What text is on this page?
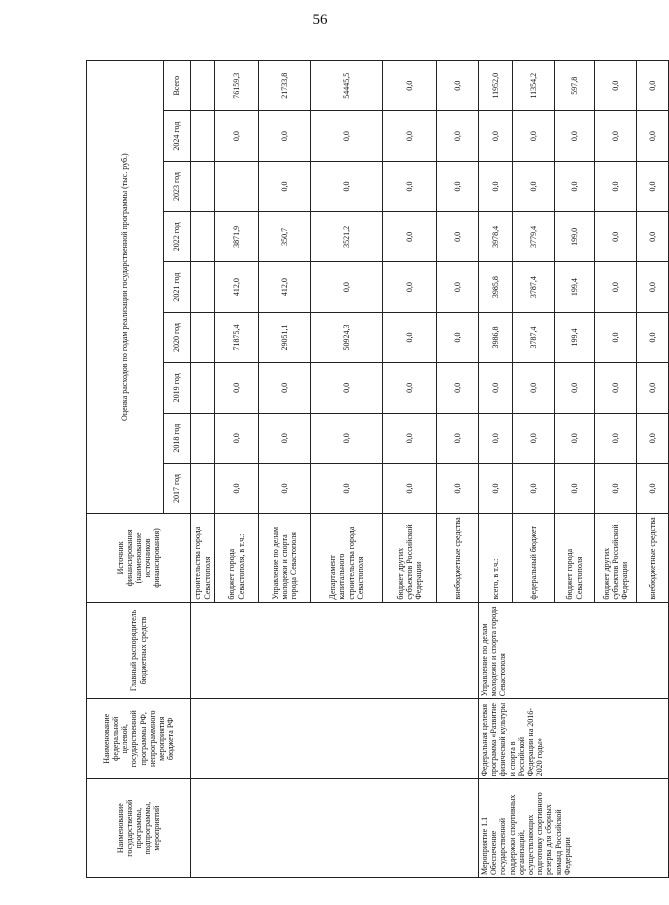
56
Наименование государственной программы, подпрограммы, мероприятий	Наименование федеральной целевой, государственной программы РФ, непрограммного мероприятия бюджета РФ	Главный распорядитель бюджетных средств	Источник финансирования (наименование источников финансирования)	Оценка расходов по годам реализации государственной программы (тыс. руб.)								
				2017 год	2018 год	2019 год	2020 год	2021 год	2022 год	2023 год	2024 год	Всего
			строительства города Севастополя									
			бюджет города Севастополя, в т.ч.:	0,0	0,0	0,0	71875,4	412,0	3871,9		0,0	76159,3
			Управление по делам молодежи и спорта города Севастополя	0,0	0,0	0,0	29051,1	412,0	350,7	0,0	0,0	21733,8
			Департамент капитального строительства города Севастополя	0,0	0,0	0,0	50924,3	0,0	3521,2	0,0	0,0	54445,5
			бюджет других субъектов Российской Федерации	0,0	0,0	0,0	0,0	0,0	0,0	0,0	0,0	0,0
			внебюджетные средства	0,0	0,0	0,0	0,0	0,0	0,0	0,0	0,0	0,0
Мероприятие 1.1 Обеспечение государственной поддержки спортивных организаций, осуществляющих подготовку спортивного резерва для сборных команд Российской Федерации	Федеральная целевая программа «Развитие физической культуры и спорта в Российской Федерации на 2016-2020 годы»	Управление по делам молодежи и спорта города Севастополя	всего, в т.ч.:	0,0	0,0	0,0	3986,8	3985,8	3978,4	0,0	0,0	11952,0
			федеральный бюджет	0,0	0,0	0,0	3787,4	3787,4	3779,4	0,0	0,0	11354,2
			бюджет города Севастополя	0,0	0,0	0,0	199,4	199,4	199,0	0,0	0,0	597,8
			бюджет других субъектов Российской Федерации	0,0	0,0	0,0	0,0	0,0	0,0	0,0	0,0	0,0
			внебюджетные средства	0,0	0,0	0,0	0,0	0,0	0,0	0,0	0,0	0,0
